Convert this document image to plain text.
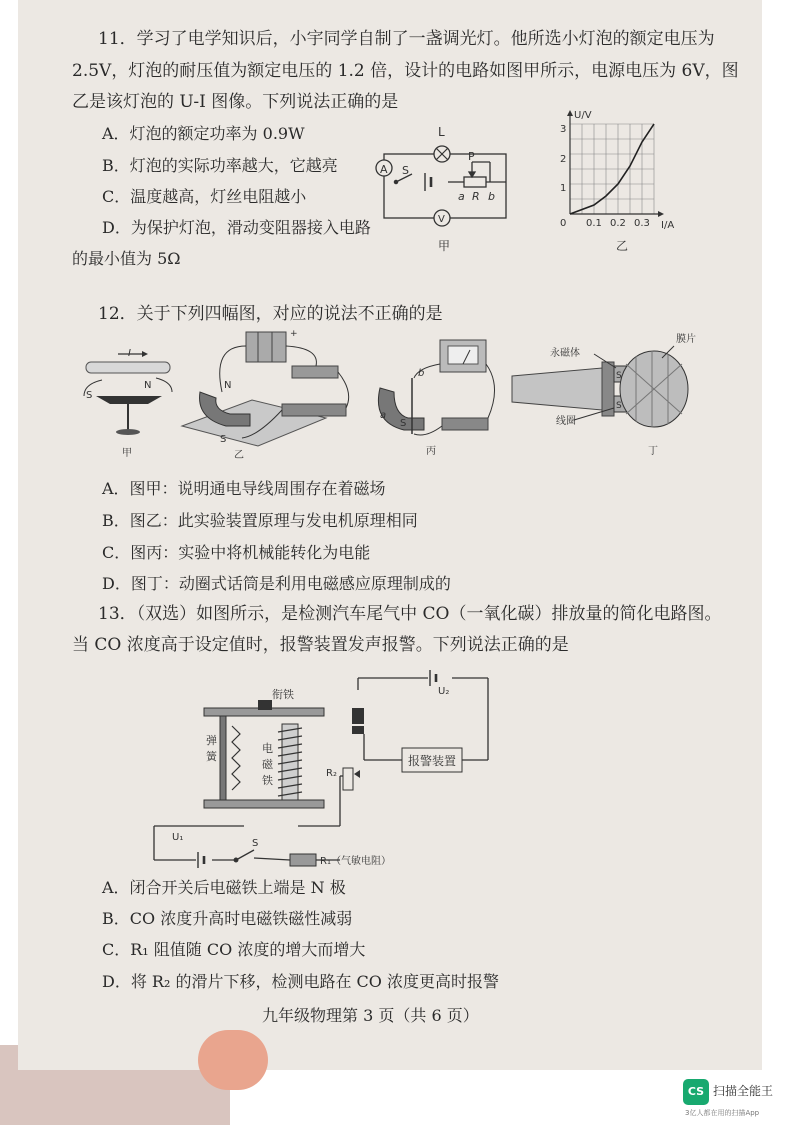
11．学习了电学知识后，小宇同学自制了一盏调光灯。他所选小灯泡的额定电压为
2.5V，灯泡的耐压值为额定电压的 1.2 倍，设计的电路如图甲所示，电源电压为 6V，图
乙是该灯泡的 U-I 图像。下列说法正确的是
A．灯泡的额定功率为 0.9W
B．灯泡的实际功率越大，它越亮
C．温度越高，灯丝电阻越小
D．为保护灯泡，滑动变阻器接入电路
的最小值为 5Ω
L
A S
P
a R b
V
甲
U/V
I/A
3
2
1
0 0.1 0.2 0.3
乙
12．关于下列四幅图，对应的说法不正确的是
I
S
N
甲
+
N
S
乙
b
a
S
丙
膜片
永磁体
S
S
线圈
丁
A．图甲：说明通电导线周围存在着磁场
B．图乙：此实验装置原理与发电机原理相同
C．图丙：实验中将机械能转化为电能
D．图丁：动圈式话筒是利用电磁感应原理制成的
13．（双选）如图所示，是检测汽车尾气中 CO（一氧化碳）排放量的简化电路图。
当 CO 浓度高于设定值时，报警装置发声报警。下列说法正确的是
衔铁	U₂
报警装置
R₂
U₁
S
R₁（气敏电阻）
弹
簧
电
磁
铁
A．闭合开关后电磁铁上端是 N 极
B．CO 浓度升高时电磁铁磁性减弱
C．R₁ 阻值随 CO 浓度的增大而增大
D．将 R₂ 的滑片下移，检测电路在 CO 浓度更高时报警
九年级物理第 3 页（共 6 页）
CS 扫描全能王
3亿人都在用的扫描App
